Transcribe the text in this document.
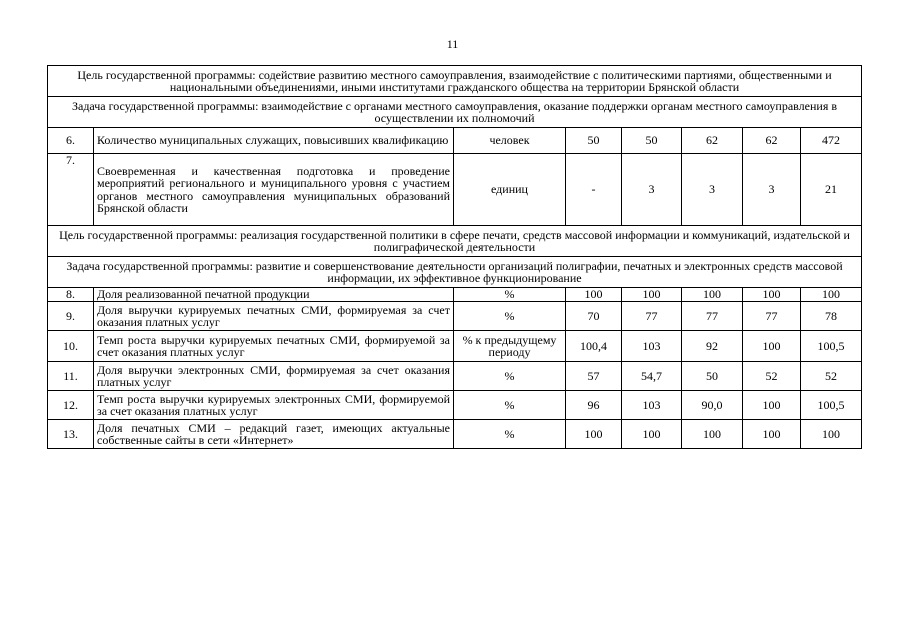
11
Цель государственной программы: содействие развитию местного самоуправления, взаимодействие с политическими партиями, общественными и национальными объединениями, иными институтами гражданского общества на территории Брянской области							
Задача государственной программы: взаимодействие с органами местного самоуправления, оказание поддержки органам местного самоуправления в осуществлении их полномочий							
6.	Количество муниципальных служащих, повысивших квалификацию	человек	50	50	62	62	472
7.	Своевременная и качественная подготовка и проведение мероприятий регионального и муниципального уровня с участием органов местного самоуправления муниципальных образований Брянской области	единиц	-	3	3	3	21
Цель государственной программы: реализация государственной политики в сфере печати, средств массовой информации и коммуникаций, издательской и полиграфической деятельности							
Задача государственной программы: развитие и совершенствование деятельности организаций полиграфии, печатных и электронных средств массовой информации, их эффективное функционирование							
8.	Доля реализованной печатной продукции	%	100	100	100	100	100
9.	Доля выручки курируемых печатных СМИ, формируемая за счет оказания платных услуг	%	70	77	77	77	78
10.	Темп роста выручки курируемых печатных СМИ, формируемой за счет оказания платных услуг	% к предыдущему периоду	100,4	103	92	100	100,5
11.	Доля выручки электронных СМИ, формируемая за счет оказания платных услуг	%	57	54,7	50	52	52
12.	Темп роста выручки курируемых электронных СМИ, формируемой за счет оказания платных услуг	%	96	103	90,0	100	100,5
13.	Доля печатных СМИ – редакций газет, имеющих актуальные собственные сайты в сети «Интернет»	%	100	100	100	100	100
